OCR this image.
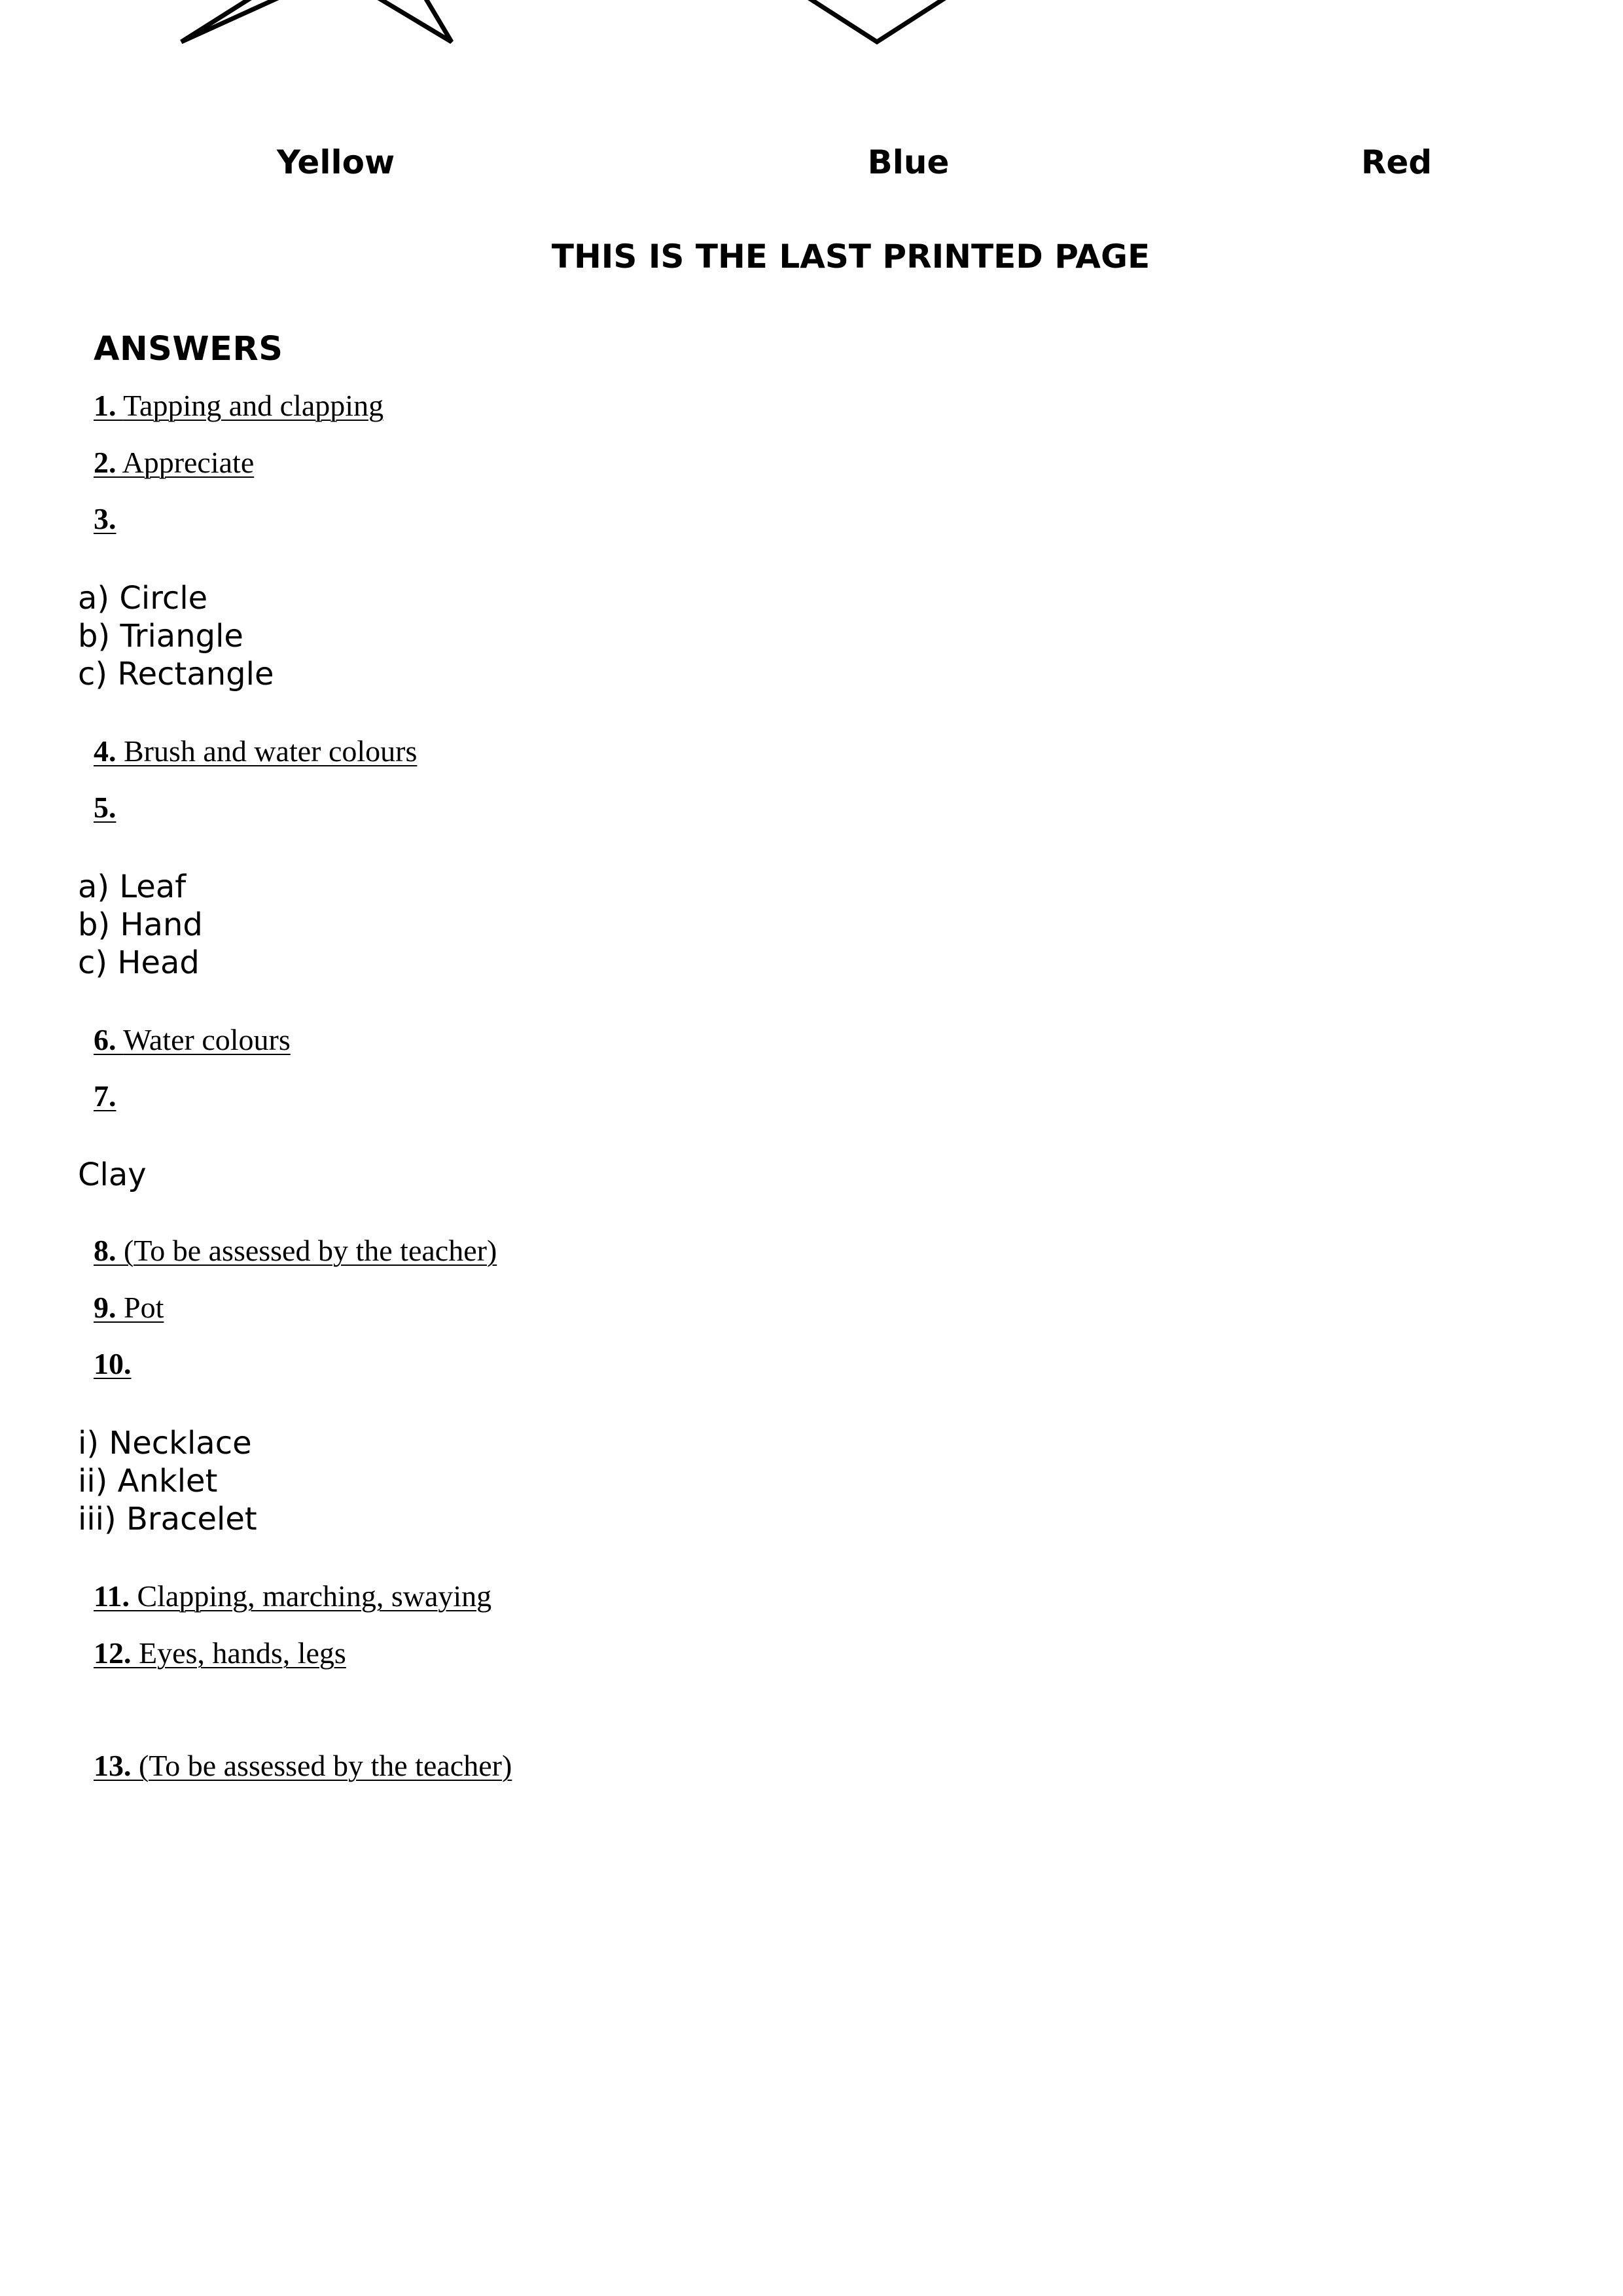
Yellow	Blue	Red
THIS IS THE LAST PRINTED PAGE
ANSWERS
1. Tapping and clapping
2. Appreciate
3.
a) Circle
b) Triangle
c) Rectangle
4. Brush and water colours
5.
a) Leaf
b) Hand
c) Head
6. Water colours
7.
Clay
8. (To be assessed by the teacher)
9. Pot
10.
i) Necklace
ii) Anklet
iii) Bracelet
11. Clapping, marching, swaying
12. Eyes, hands, legs
13. (To be assessed by the teacher)
